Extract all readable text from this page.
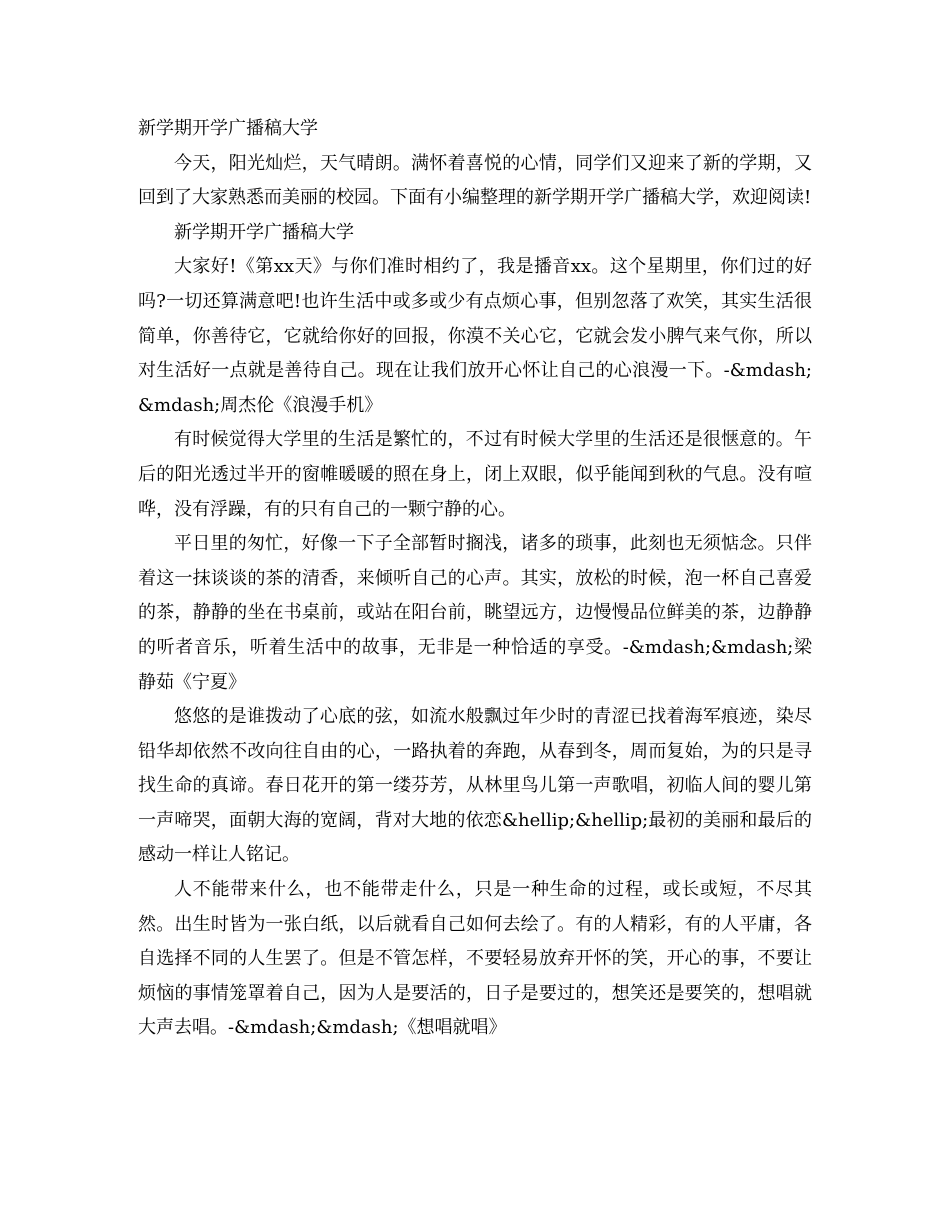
新学期开学广播稿大学

今天，阳光灿烂，天气晴朗。满怀着喜悦的心情，同学们又迎来了新的学期，又回到了大家熟悉而美丽的校园。下面有小编整理的新学期开学广播稿大学，欢迎阅读!

新学期开学广播稿大学

大家好!《第xx天》与你们准时相约了，我是播音xx。这个星期里，你们过的好吗?一切还算满意吧!也许生活中或多或少有点烦心事，但别忽落了欢笑，其实生活很简单，你善待它，它就给你好的回报，你漠不关心它，它就会发小脾气来气你，所以对生活好一点就是善待自己。现在让我们放开心怀让自己的心浪漫一下。-&mdash;&mdash;周杰伦《浪漫手机》

有时候觉得大学里的生活是繁忙的，不过有时候大学里的生活还是很惬意的。午后的阳光透过半开的窗帷暖暖的照在身上，闭上双眼，似乎能闻到秋的气息。没有喧哗，没有浮躁，有的只有自己的一颗宁静的心。

平日里的匆忙，好像一下子全部暂时搁浅，诸多的琐事，此刻也无须惦念。只伴着这一抹谈谈的茶的清香，来倾听自己的心声。其实，放松的时候，泡一杯自己喜爱的茶，静静的坐在书桌前，或站在阳台前，眺望远方，边慢慢品位鲜美的茶，边静静的听者音乐，听着生活中的故事，无非是一种恰适的享受。-&mdash;&mdash;梁静茹《宁夏》

悠悠的是谁拨动了心底的弦，如流水般飘过年少时的青涩已找着海军痕迹，染尽铅华却依然不改向往自由的心，一路执着的奔跑，从春到冬，周而复始，为的只是寻找生命的真谛。春日花开的第一缕芬芳，从林里鸟儿第一声歌唱，初临人间的婴儿第一声啼哭，面朝大海的宽阔，背对大地的依恋&hellip;&hellip;最初的美丽和最后的感动一样让人铭记。

人不能带来什么，也不能带走什么，只是一种生命的过程，或长或短，不尽其然。出生时皆为一张白纸，以后就看自己如何去绘了。有的人精彩，有的人平庸，各自选择不同的人生罢了。但是不管怎样，不要轻易放弃开怀的笑，开心的事，不要让烦恼的事情笼罩着自己，因为人是要活的，日子是要过的，想笑还是要笑的，想唱就大声去唱。-&mdash;&mdash;《想唱就唱》
